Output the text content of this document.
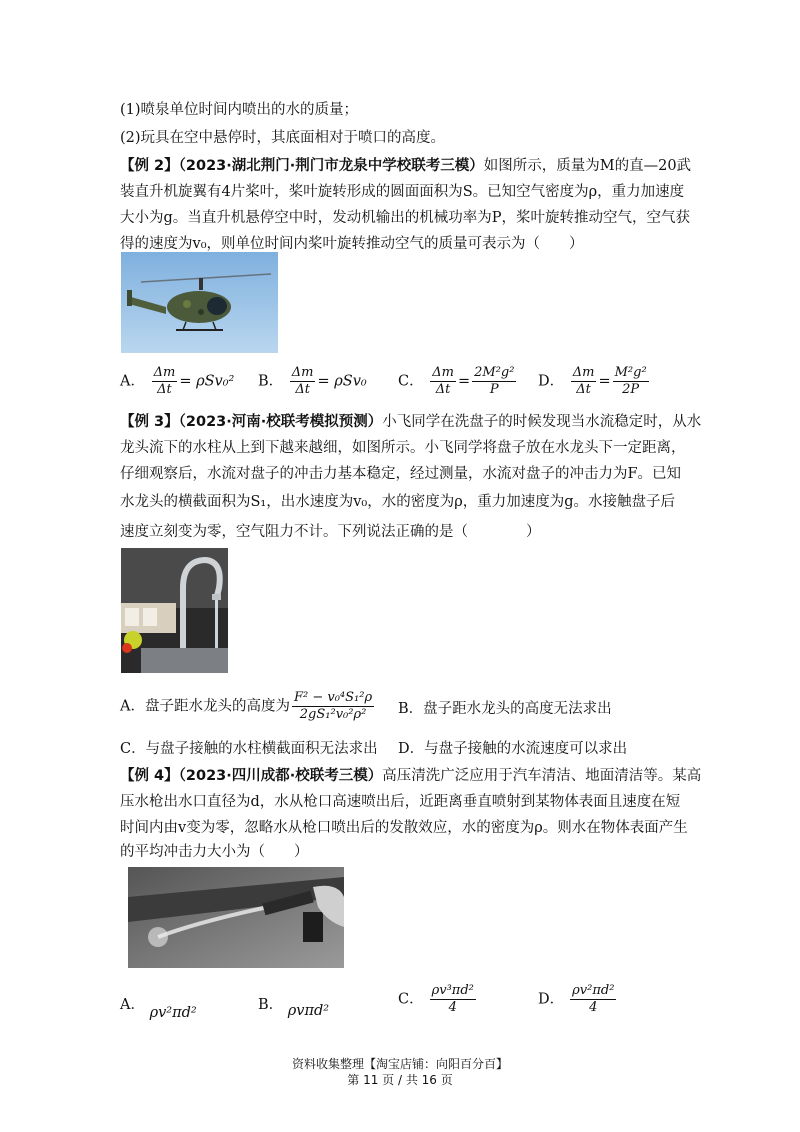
(1)喷泉单位时间内喷出的水的质量；
(2)玩具在空中悬停时，其底面相对于喷口的高度。
【例 2】（2023·湖北荆门·荆门市龙泉中学校联考三模）如图所示，质量为M的直—20武
装直升机旋翼有4片桨叶，桨叶旋转形成的圆面面积为S。已知空气密度为ρ，重力加速度
大小为g。当直升机悬停空中时，发动机输出的机械功率为P，桨叶旋转推动空气，空气获
得的速度为v₀，则单位时间内桨叶旋转推动空气的质量可表示为（　　）
A． $\frac{\Delta m}{\Delta t} = \rho Sv_0^2$ B． $\frac{\Delta m}{\Delta t} = \rho Sv_0$ C． $\frac{\Delta m}{\Delta t} = \frac{\text{2M²g²}}{P}$ D． $\frac{\Delta m}{\Delta t} = \frac{\text{M²g²}}{2P}$
【例 3】（2023·河南·校联考模拟预测）小飞同学在洗盘子的时候发现当水流稳定时，从水
龙头流下的水柱从上到下越来越细，如图所示。小飞同学将盘子放在水龙头下一定距离，
仔细观察后，水流对盘子的冲击力基本稳定，经过测量，水流对盘子的冲击力为F。已知
水龙头的横截面积为S₁，出水速度为v₀，水的密度为ρ，重力加速度为g。水接触盘子后
速度立刻变为零，空气阻力不计。下列说法正确的是（　　　　）
A．盘子距水龙头的高度为 $\frac{\text{F² − v₀⁴S₁²ρ}}{\text{2gS₁²v₀²ρ²}}$ B．盘子距水龙头的高度无法求出
C．与盘子接触的水柱横截面积无法求出 D．与盘子接触的水流速度可以求出
【例 4】（2023·四川成都·校联考三模）高压清洗广泛应用于汽车清洁、地面清洁等。某高
压水枪出水口直径为d，水从枪口高速喷出后，近距离垂直喷射到某物体表面且速度在短
时间内由v变为零，忽略水从枪口喷出后的发散效应，水的密度为ρ。则水在物体表面产生
的平均冲击力大小为（　　）
A． ρv²πd²	B． ρvπd²
C． $\frac{\text{ρv³πd²}}{4}$	D． $\frac{\text{ρv²πd²}}{4}$
资料收集整理【淘宝店铺：向阳百分百】
第 11 页 / 共 16 页
